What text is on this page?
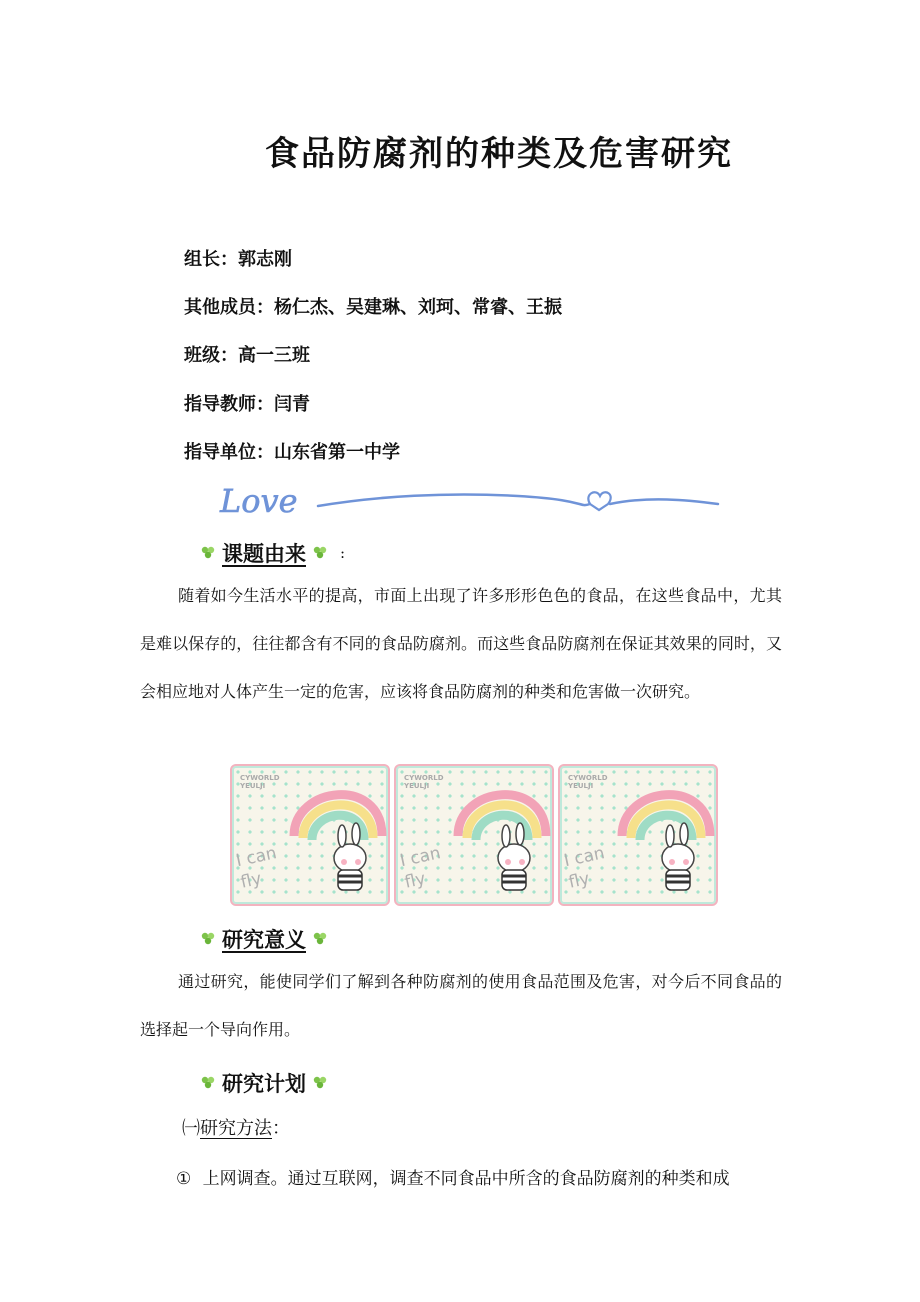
食品防腐剂的种类及危害研究
组长：郭志刚
其他成员：杨仁杰、吴建琳、刘珂、常睿、王振
班级：高一三班
指导教师：闫青
指导单位：山东省第一中学
Love
课题由来 :
随着如今生活水平的提高，市面上出现了许多形形色色的食品，在这些食品中，尤其是难以保存的，往往都含有不同的食品防腐剂。而这些食品防腐剂在保证其效果的同时，又会相应地对人体产生一定的危害，应该将食品防腐剂的种类和危害做一次研究。
CYWORLD
YEULJI
I can fly
CYWORLD
YEULJI
I can fly
CYWORLD
YEULJI
I can fly
研究意义
通过研究，能使同学们了解到各种防腐剂的使用食品范围及危害，对今后不同食品的选择起一个导向作用。
研究计划
㈠研究方法：
① 上网调查。通过互联网，调查不同食品中所含的食品防腐剂的种类和成
